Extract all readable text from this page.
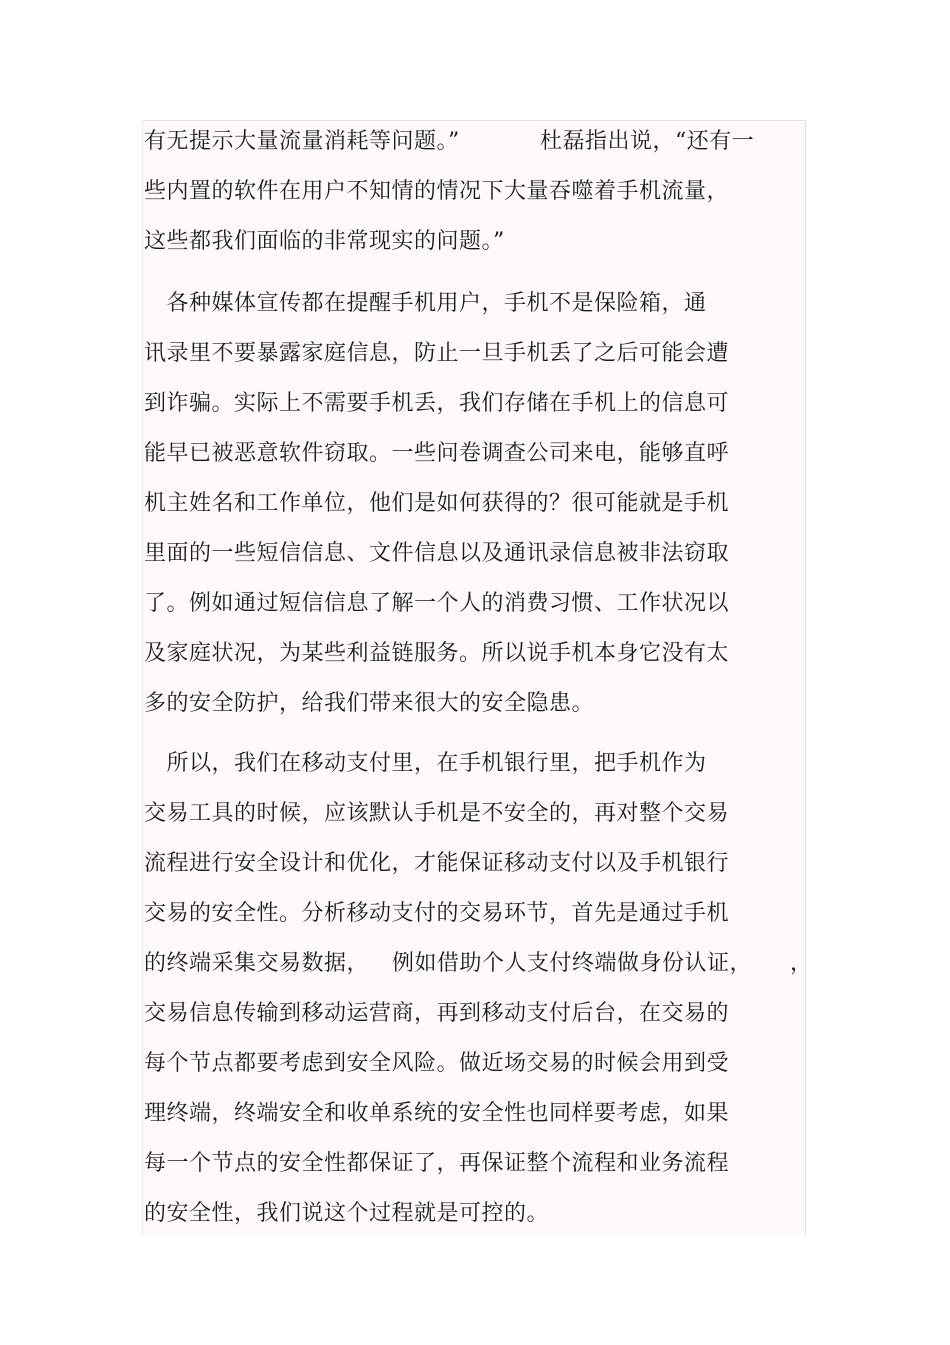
有无提示大量流量消耗等问题。”	杜磊指出说，“还有一
些内置的软件在用户不知情的情况下大量吞噬着手机流量，
这些都我们面临的非常现实的问题。”
　各种媒体宣传都在提醒手机用户，手机不是保险箱，通
讯录里不要暴露家庭信息，防止一旦手机丢了之后可能会遭
到诈骗。实际上不需要手机丢，我们存储在手机上的信息可
能早已被恶意软件窃取。一些问卷调查公司来电，能够直呼
机主姓名和工作单位，他们是如何获得的？很可能就是手机
里面的一些短信信息、文件信息以及通讯录信息被非法窃取
了。例如通过短信信息了解一个人的消费习惯、工作状况以
及家庭状况，为某些利益链服务。所以说手机本身它没有太
多的安全防护，给我们带来很大的安全隐患。
　所以，我们在移动支付里，在手机银行里，把手机作为
交易工具的时候，应该默认手机是不安全的，再对整个交易
流程进行安全设计和优化，才能保证移动支付以及手机银行
交易的安全性。分析移动支付的交易环节，首先是通过手机
的终端采集交易数据， 例如借助个人支付终端做身份认证， ，
交易信息传输到移动运营商，再到移动支付后台，在交易的
每个节点都要考虑到安全风险。做近场交易的时候会用到受
理终端，终端安全和收单系统的安全性也同样要考虑，如果
每一个节点的安全性都保证了，再保证整个流程和业务流程
的安全性，我们说这个过程就是可控的。
